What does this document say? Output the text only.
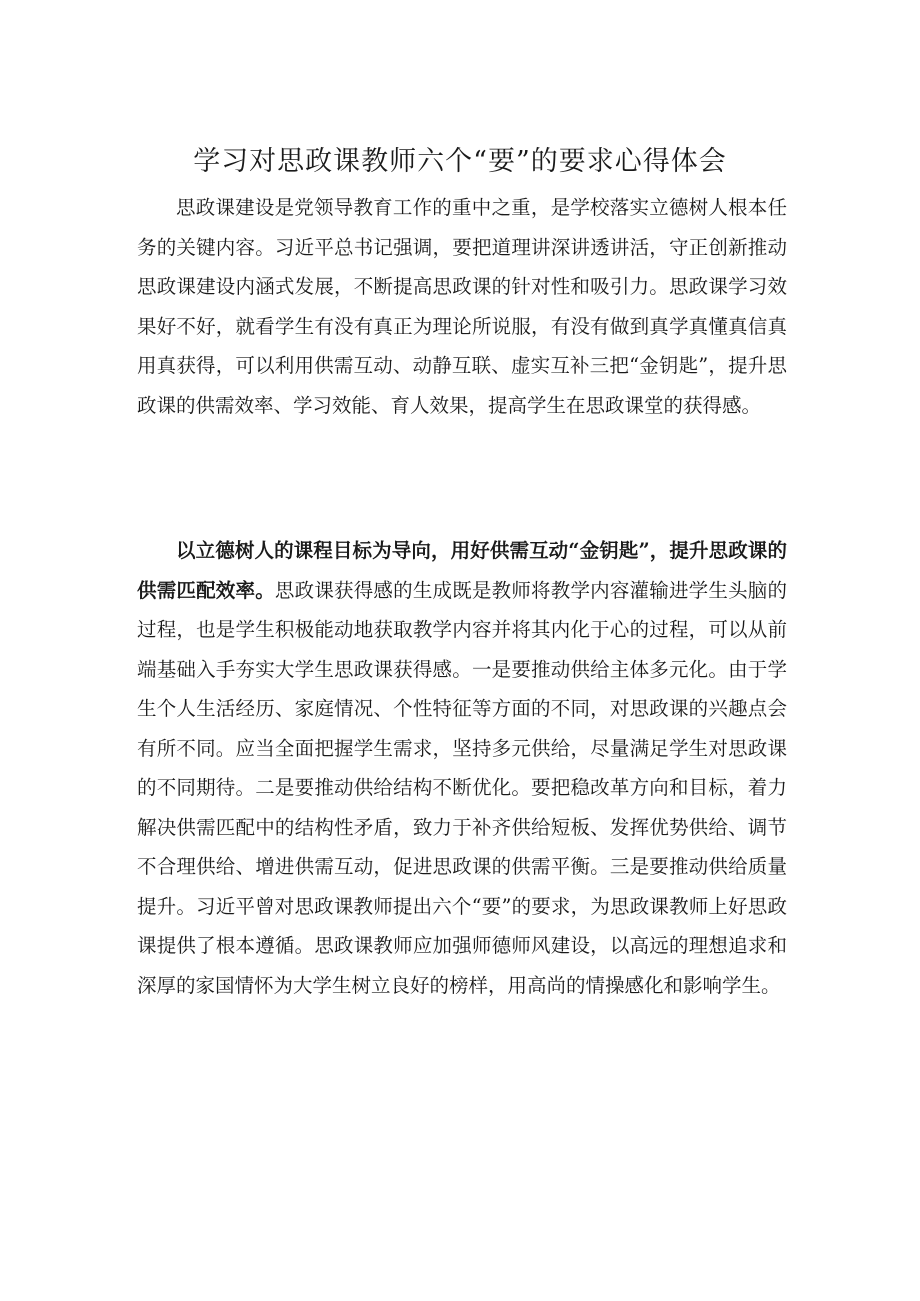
学习对思政课教师六个“要”的要求心得体会

思政课建设是党领导教育工作的重中之重，是学校落实立德树人根本任务的关键内容。习近平总书记强调，要把道理讲深讲透讲活，守正创新推动思政课建设内涵式发展，不断提高思政课的针对性和吸引力。思政课学习效果好不好，就看学生有没有真正为理论所说服，有没有做到真学真懂真信真用真获得，可以利用供需互动、动静互联、虚实互补三把“金钥匙”，提升思政课的供需效率、学习效能、育人效果，提高学生在思政课堂的获得感。

以立德树人的课程目标为导向，用好供需互动“金钥匙”，提升思政课的供需匹配效率。思政课获得感的生成既是教师将教学内容灌输进学生头脑的过程，也是学生积极能动地获取教学内容并将其内化于心的过程，可以从前端基础入手夯实大学生思政课获得感。一是要推动供给主体多元化。由于学生个人生活经历、家庭情况、个性特征等方面的不同，对思政课的兴趣点会有所不同。应当全面把握学生需求，坚持多元供给，尽量满足学生对思政课的不同期待。二是要推动供给结构不断优化。要把稳改革方向和目标，着力解决供需匹配中的结构性矛盾，致力于补齐供给短板、发挥优势供给、调节不合理供给、增进供需互动，促进思政课的供需平衡。三是要推动供给质量提升。习近平曾对思政课教师提出六个“要”的要求，为思政课教师上好思政课提供了根本遵循。思政课教师应加强师德师风建设，以高远的理想追求和深厚的家国情怀为大学生树立良好的榜样，用高尚的情操感化和影响学生。
